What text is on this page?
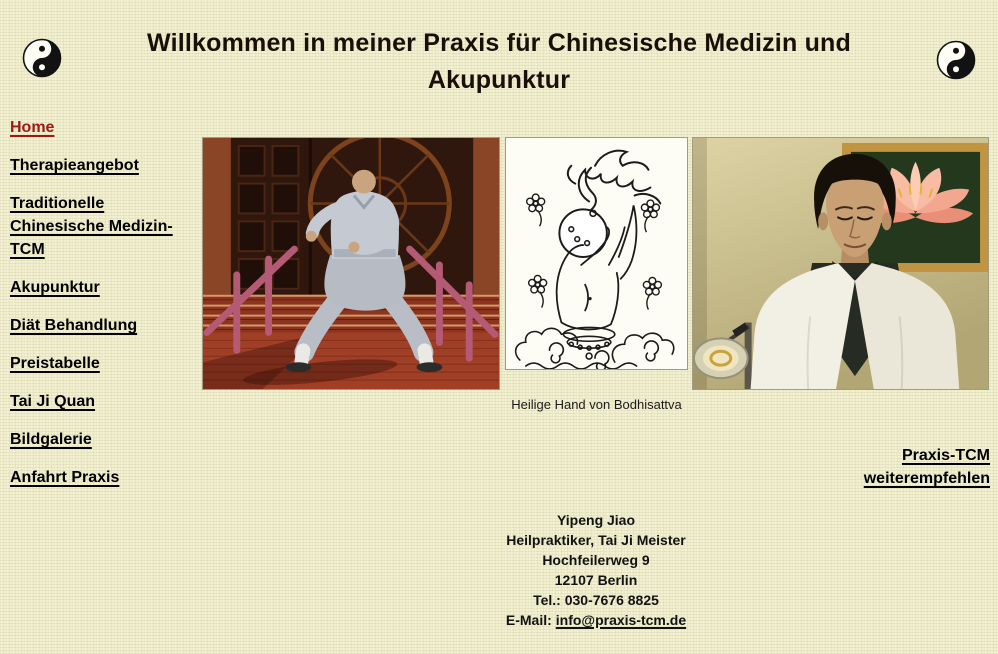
Willkommen in meiner Praxis für Chinesische Medizin und
Akupunktur
Home
Therapieangebot
Traditionelle Chinesische Medizin-TCM
Akupunktur
Diät Behandlung
Preistabelle
Tai Ji Quan
Bildgalerie
Anfahrt Praxis
Heilige Hand von Bodhisattva
Praxis-TCM
weiterempfehlen
Yipeng Jiao
Heilpraktiker, Tai Ji Meister
Hochfeilerweg 9
12107 Berlin
Tel.: 030-7676 8825
E-Mail: info@praxis-tcm.de
